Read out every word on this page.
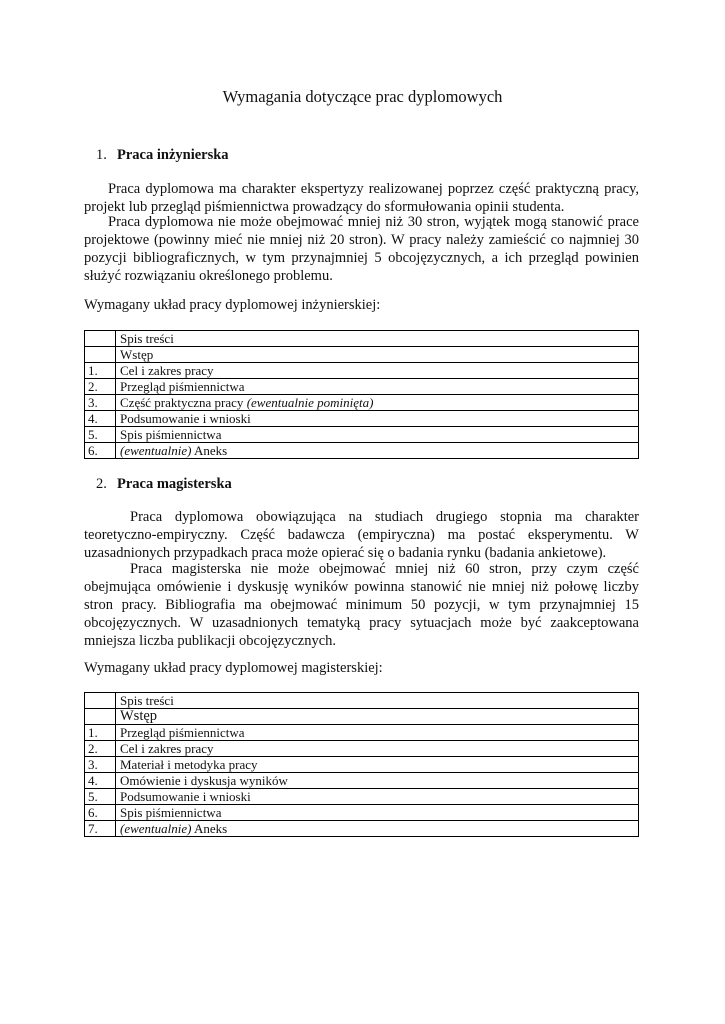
Wymagania dotyczące prac dyplomowych
1. Praca inżynierska

Praca dyplomowa ma charakter ekspertyzy realizowanej poprzez część praktyczną pracy, projekt lub przegląd piśmiennictwa prowadzący do sformułowania opinii studenta.

Praca dyplomowa nie może obejmować mniej niż 30 stron, wyjątek mogą stanowić prace projektowe (powinny mieć nie mniej niż 20 stron). W pracy należy zamieścić co najmniej 30 pozycji bibliograficznych, w tym przynajmniej 5 obcojęzycznych, a ich przegląd powinien służyć rozwiązaniu określonego problemu.

Wymagany układ pracy dyplomowej inżynierskiej:

	Spis treści
	Wstęp
1.	Cel i zakres pracy
2.	Przegląd piśmiennictwa
3.	Część praktyczna pracy (ewentualnie pominięta)
4.	Podsumowanie i wnioski
5.	Spis piśmiennictwa
6.	(ewentualnie) Aneks
2. Praca magisterska

Praca dyplomowa obowiązująca na studiach drugiego stopnia ma charakter teoretyczno-empiryczny. Część badawcza (empiryczna) ma postać eksperymentu. W uzasadnionych przypadkach praca może opierać się o badania rynku (badania ankietowe).

Praca magisterska nie może obejmować mniej niż 60 stron, przy czym część obejmująca omówienie i dyskusję wyników powinna stanowić nie mniej niż połowę liczby stron pracy. Bibliografia ma obejmować minimum 50 pozycji, w tym przynajmniej 15 obcojęzycznych. W uzasadnionych tematyką pracy sytuacjach może być zaakceptowana mniejsza liczba publikacji obcojęzycznych.

Wymagany układ pracy dyplomowej magisterskiej:

	Spis treści
	Wstęp
1.	Przegląd piśmiennictwa
2.	Cel i zakres pracy
3.	Materiał i metodyka pracy
4.	Omówienie i dyskusja wyników
5.	Podsumowanie i wnioski
6.	Spis piśmiennictwa
7.	(ewentualnie) Aneks
